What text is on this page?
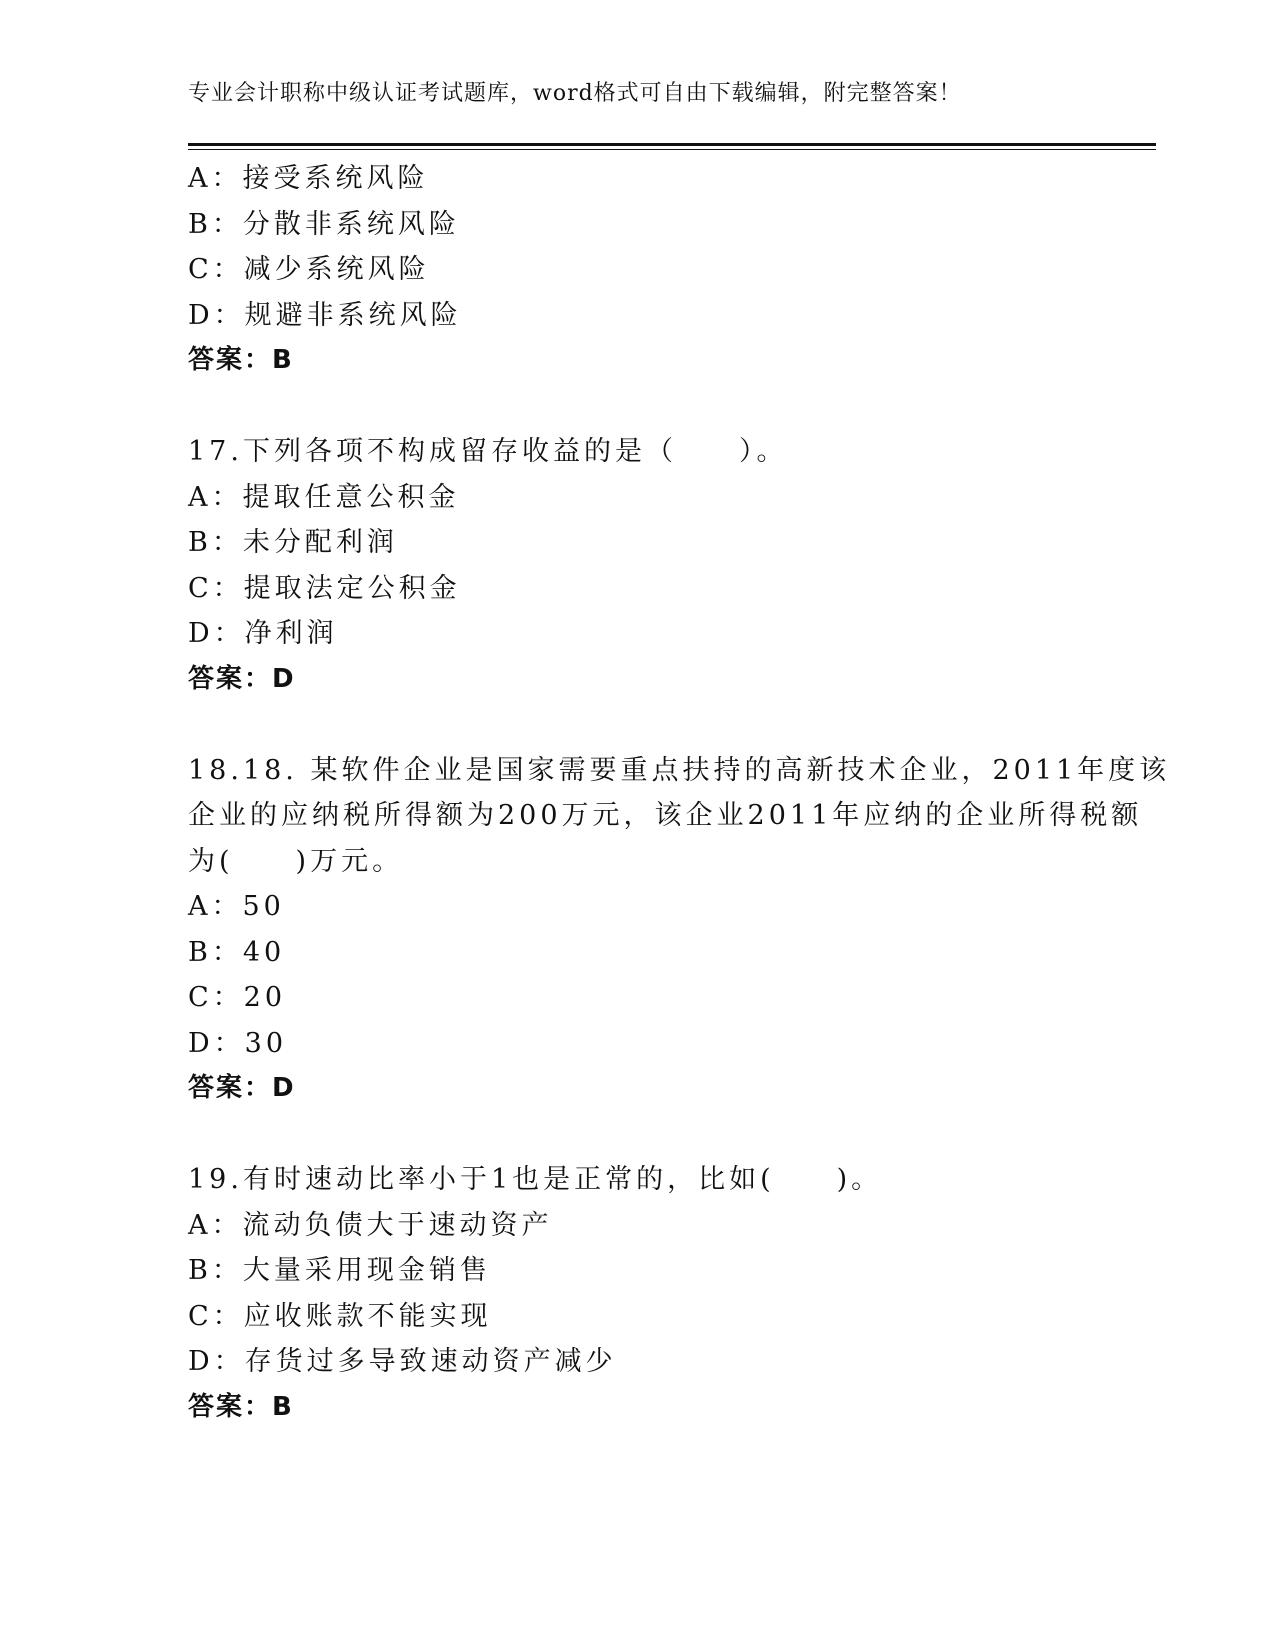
专业会计职称中级认证考试题库，word格式可自由下载编辑，附完整答案！
A：接受系统风险
B：分散非系统风险
C：减少系统风险
D：规避非系统风险
答案：B
17.下列各项不构成留存收益的是（　　）。
A：提取任意公积金
B：未分配利润
C：提取法定公积金
D：净利润
答案：D
18.18. 某软件企业是国家需要重点扶持的高新技术企业，2011年度该
企业的应纳税所得额为200万元，该企业2011年应纳的企业所得税额
为(　　)万元。
A：50
B：40
C：20
D：30
答案：D
19.有时速动比率小于1也是正常的，比如(　　)。
A：流动负债大于速动资产
B：大量采用现金销售
C：应收账款不能实现
D：存货过多导致速动资产减少
答案：B
